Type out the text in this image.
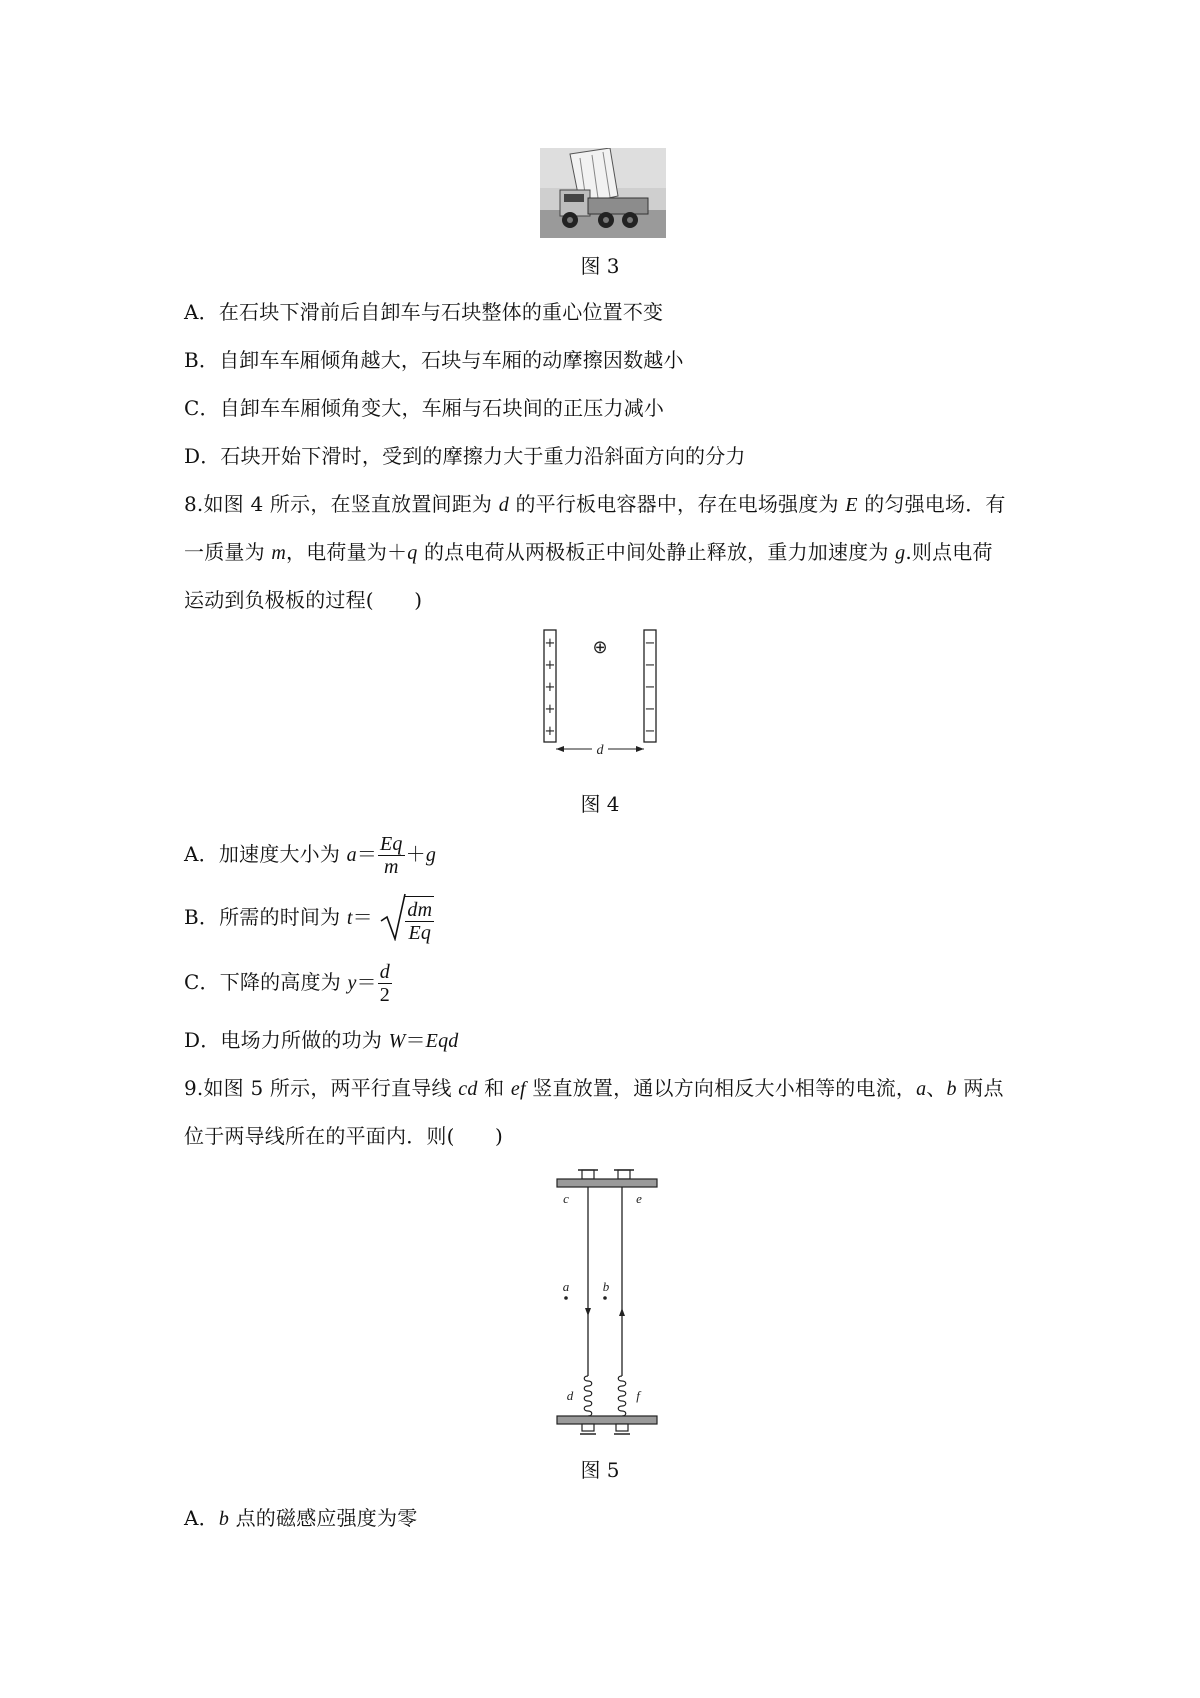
图 3
A．在石块下滑前后自卸车与石块整体的重心位置不变
B．自卸车车厢倾角越大，石块与车厢的动摩擦因数越小
C．自卸车车厢倾角变大，车厢与石块间的正压力减小
D．石块开始下滑时，受到的摩擦力大于重力沿斜面方向的分力
8.如图 4 所示，在竖直放置间距为 d 的平行板电容器中，存在电场强度为 E 的匀强电场．有
一质量为 m，电荷量为＋q 的点电荷从两极板正中间处静止释放，重力加速度为 g.则点电荷
运动到负极板的过程(　　)
+
+
+
+
+
−
−
−
−
−
⊕
d
图 4
A．加速度大小为 $a= \frac{Eq}{m} +g$
B．所需的时间为 $t= \frac{dm}{Eq}$
C．下降的高度为 $y= \frac{d}{2}$
D．电场力所做的功为 W＝Eqd
9.如图 5 所示，两平行直导线 cd 和 ef 竖直放置，通以方向相反大小相等的电流，a、b 两点
位于两导线所在的平面内．则(　　)
c	e
a	b
d	f
图 5
A．b 点的磁感应强度为零
